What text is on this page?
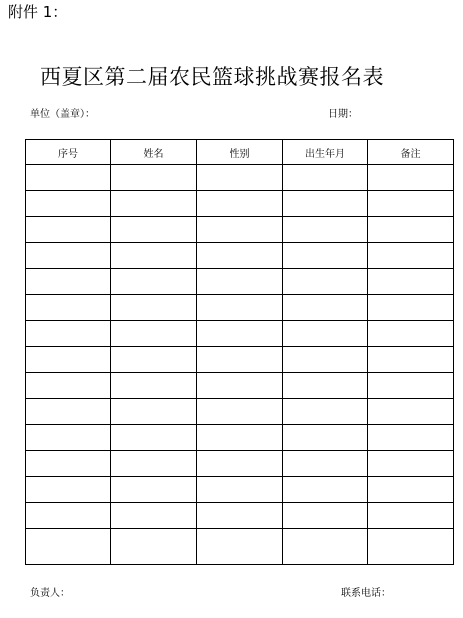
附件 1：
西夏区第二届农民篮球挑战赛报名表
单位（盖章）：	日期：
序号	姓名	性别	出生年月	备注

负责人：	联系电话：
